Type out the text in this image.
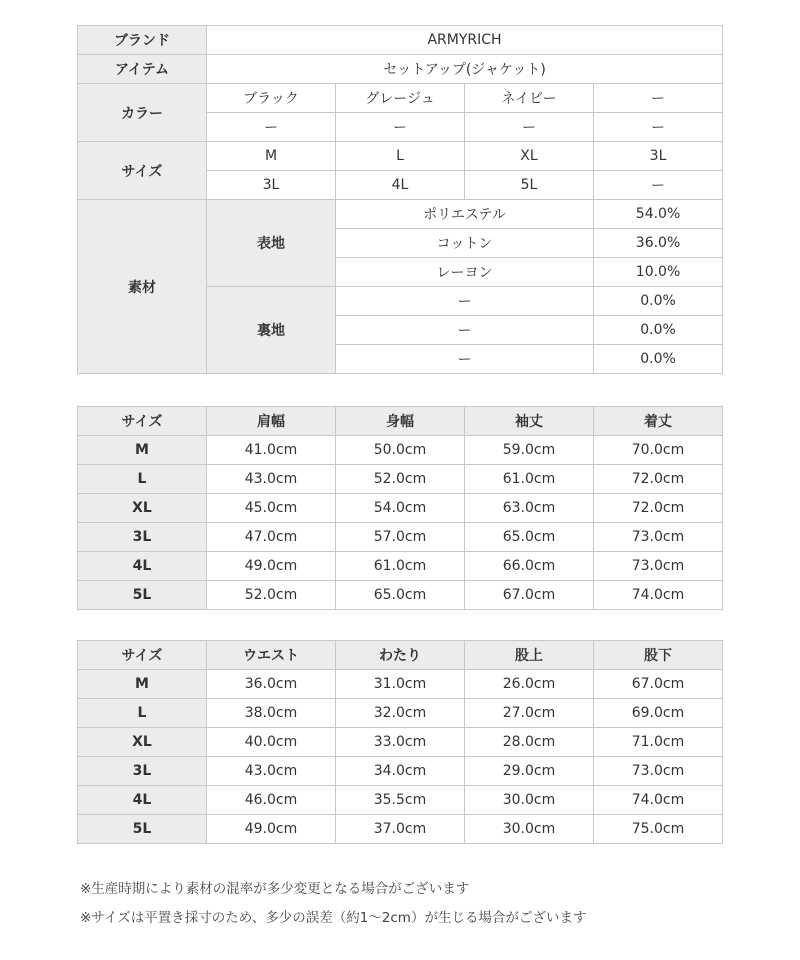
ブランド	ARMYRICH			
アイテム	セットアップ(ジャケット)			
カラー	ブラック	グレージュ	ネイビー	ー
	ー	ー	ー	ー
サイズ	M	L	XL	3L
	3L	4L	5L	ー
素材	表地	ポリエステル		54.0%
		コットン		36.0%
		レーヨン		10.0%
	裏地	ー		0.0%
		ー		0.0%
		ー		0.0%
サイズ	肩幅	身幅	袖丈	着丈
M	41.0cm	50.0cm	59.0cm	70.0cm
L	43.0cm	52.0cm	61.0cm	72.0cm
XL	45.0cm	54.0cm	63.0cm	72.0cm
3L	47.0cm	57.0cm	65.0cm	73.0cm
4L	49.0cm	61.0cm	66.0cm	73.0cm
5L	52.0cm	65.0cm	67.0cm	74.0cm
サイズ	ウエスト	わたり	股上	股下
M	36.0cm	31.0cm	26.0cm	67.0cm
L	38.0cm	32.0cm	27.0cm	69.0cm
XL	40.0cm	33.0cm	28.0cm	71.0cm
3L	43.0cm	34.0cm	29.0cm	73.0cm
4L	46.0cm	35.5cm	30.0cm	74.0cm
5L	49.0cm	37.0cm	30.0cm	75.0cm
※生産時期により素材の混率が多少変更となる場合がございます
※サイズは平置き採寸のため、多少の誤差（約1～2cm）が生じる場合がございます
